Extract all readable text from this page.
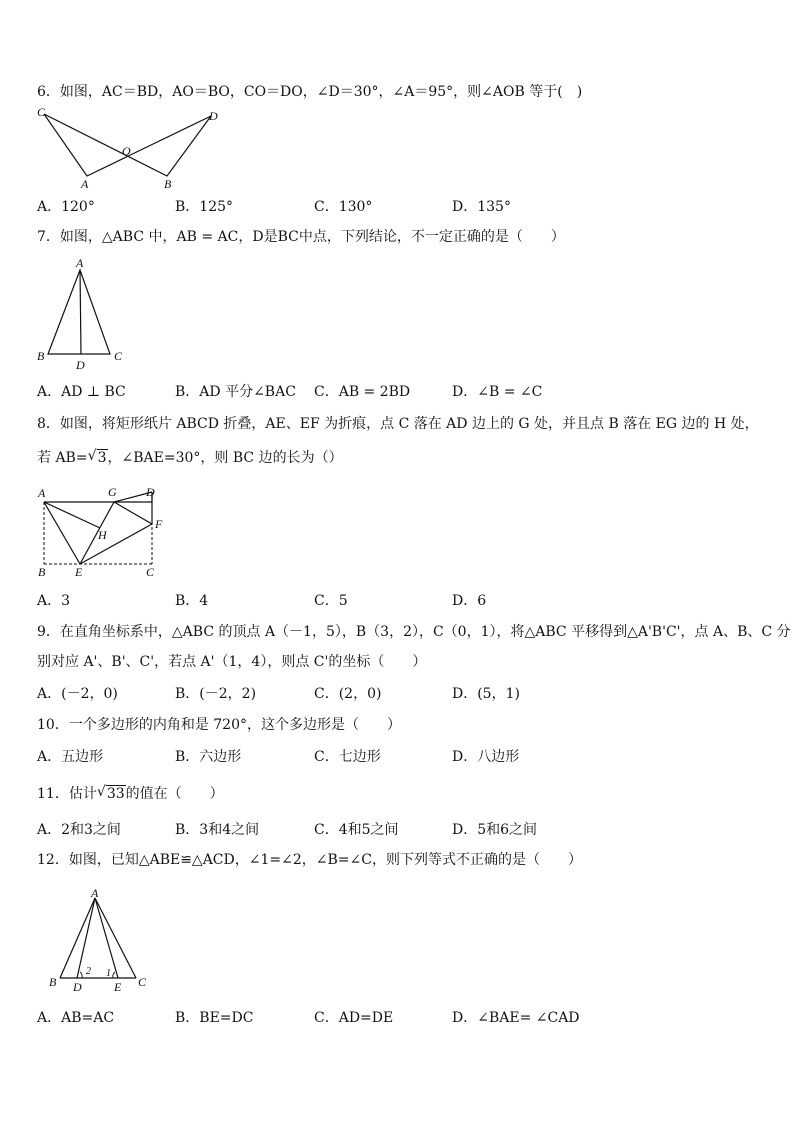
6．如图，AC＝BD，AO＝BO，CO＝DO，∠D＝30°，∠A＝95°，则∠AOB 等于(　)
C
O
D
A	B
A．120°	B．125°	C．130°	D．135°
7．如图，△ABC 中，AB = AC，D是BC中点，下列结论，不一定正确的是（　　）
A
B	C
D
A．AD ⊥ BC	B．AD 平分∠BAC C．AB = 2BD	D．∠B = ∠C
8．如图，将矩形纸片 ABCD 折叠，AE、EF 为折痕，点 C 落在 AD 边上的 G 处，并且点 B 落在 EG 边的 H 处，
若 AB= √ 3，∠BAE=30°，则 BC 边的长为（）
A	G D
F
H
B E	C
A．3	B．4	C．5	D．6
9．在直角坐标系中，△ABC 的顶点 A（－1，5），B（3，2），C（0，1），将△ABC 平移得到△A'B'C'，点 A、B、C 分
别对应 A'、B'、C'，若点 A'（1，4），则点 C'的坐标（　　）
A．(－2，0)	B．(－2，2)	C．(2，0)	D．(5，1)
10．一个多边形的内角和是 720°，这个多边形是（　　）
A．五边形	B．六边形	C．七边形	D．八边形
11．估计 √ 33的值在（　　）
A．2和3之间	B．3和4之间	C．4和5之间	D．5和6之间
12．如图，已知△ABE≌△ACD，∠1=∠2，∠B=∠C，则下列等式不正确的是（　　）
A
B D	E C
1
2
A．AB=AC	B．BE=DC	C．AD=DE	D．∠BAE= ∠CAD
